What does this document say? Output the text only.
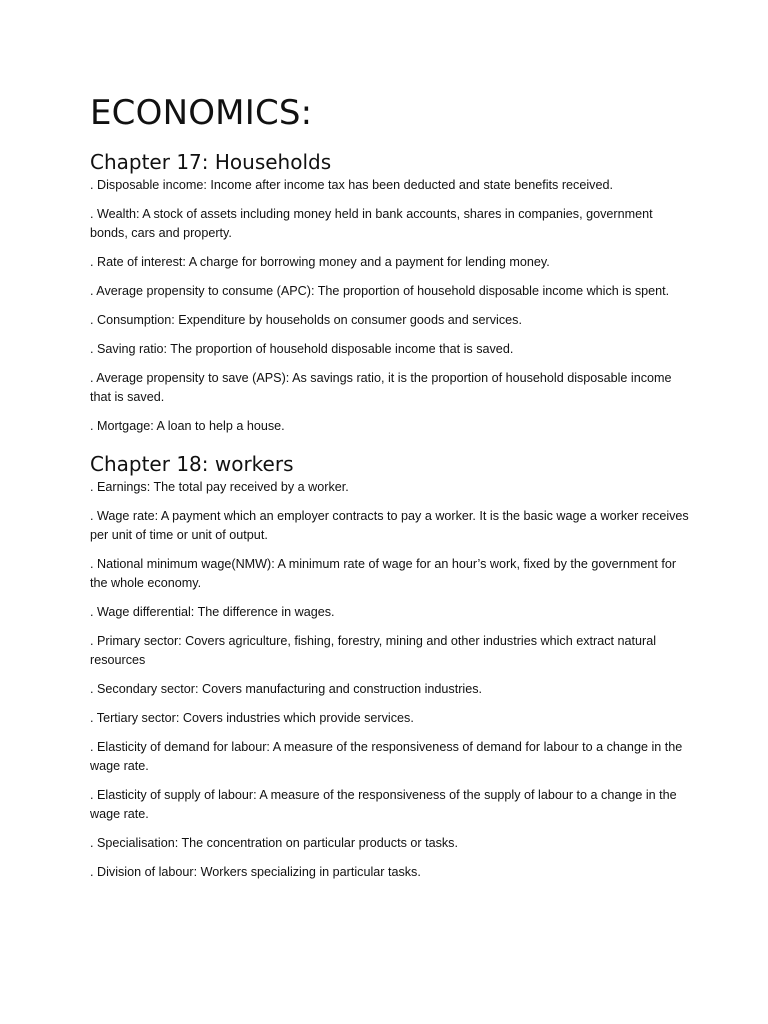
ECONOMICS:
Chapter 17: Households
. Disposable income: Income after income tax has been deducted and state benefits received.
. Wealth: A stock of assets including money held in bank accounts, shares in companies, government bonds, cars and property.
. Rate of interest: A charge for borrowing money and a payment for lending money.
. Average propensity to consume (APC): The proportion of household disposable income which is spent.
. Consumption: Expenditure by households on consumer goods and services.
. Saving ratio: The proportion of household disposable income that is saved.
. Average propensity to save (APS): As savings ratio, it is the proportion of household disposable income that is saved.
. Mortgage: A loan to help a house.
Chapter 18: workers
. Earnings: The total pay received by a worker.
. Wage rate: A payment which an employer contracts to pay a worker. It is the basic wage a worker receives per unit of time or unit of output.
. National minimum wage(NMW): A minimum rate of wage for an hour’s work, fixed by the government for the whole economy.
. Wage differential: The difference in wages.
. Primary sector: Covers agriculture, fishing, forestry, mining and other industries which extract natural resources
. Secondary sector: Covers manufacturing and construction industries.
. Tertiary sector: Covers industries which provide services.
. Elasticity of demand for labour: A measure of the responsiveness of demand for labour to a change in the wage rate.
. Elasticity of supply of labour: A measure of the responsiveness of the supply of labour to a change in the wage rate.
. Specialisation: The concentration on particular products or tasks.
. Division of labour: Workers specializing in particular tasks.
